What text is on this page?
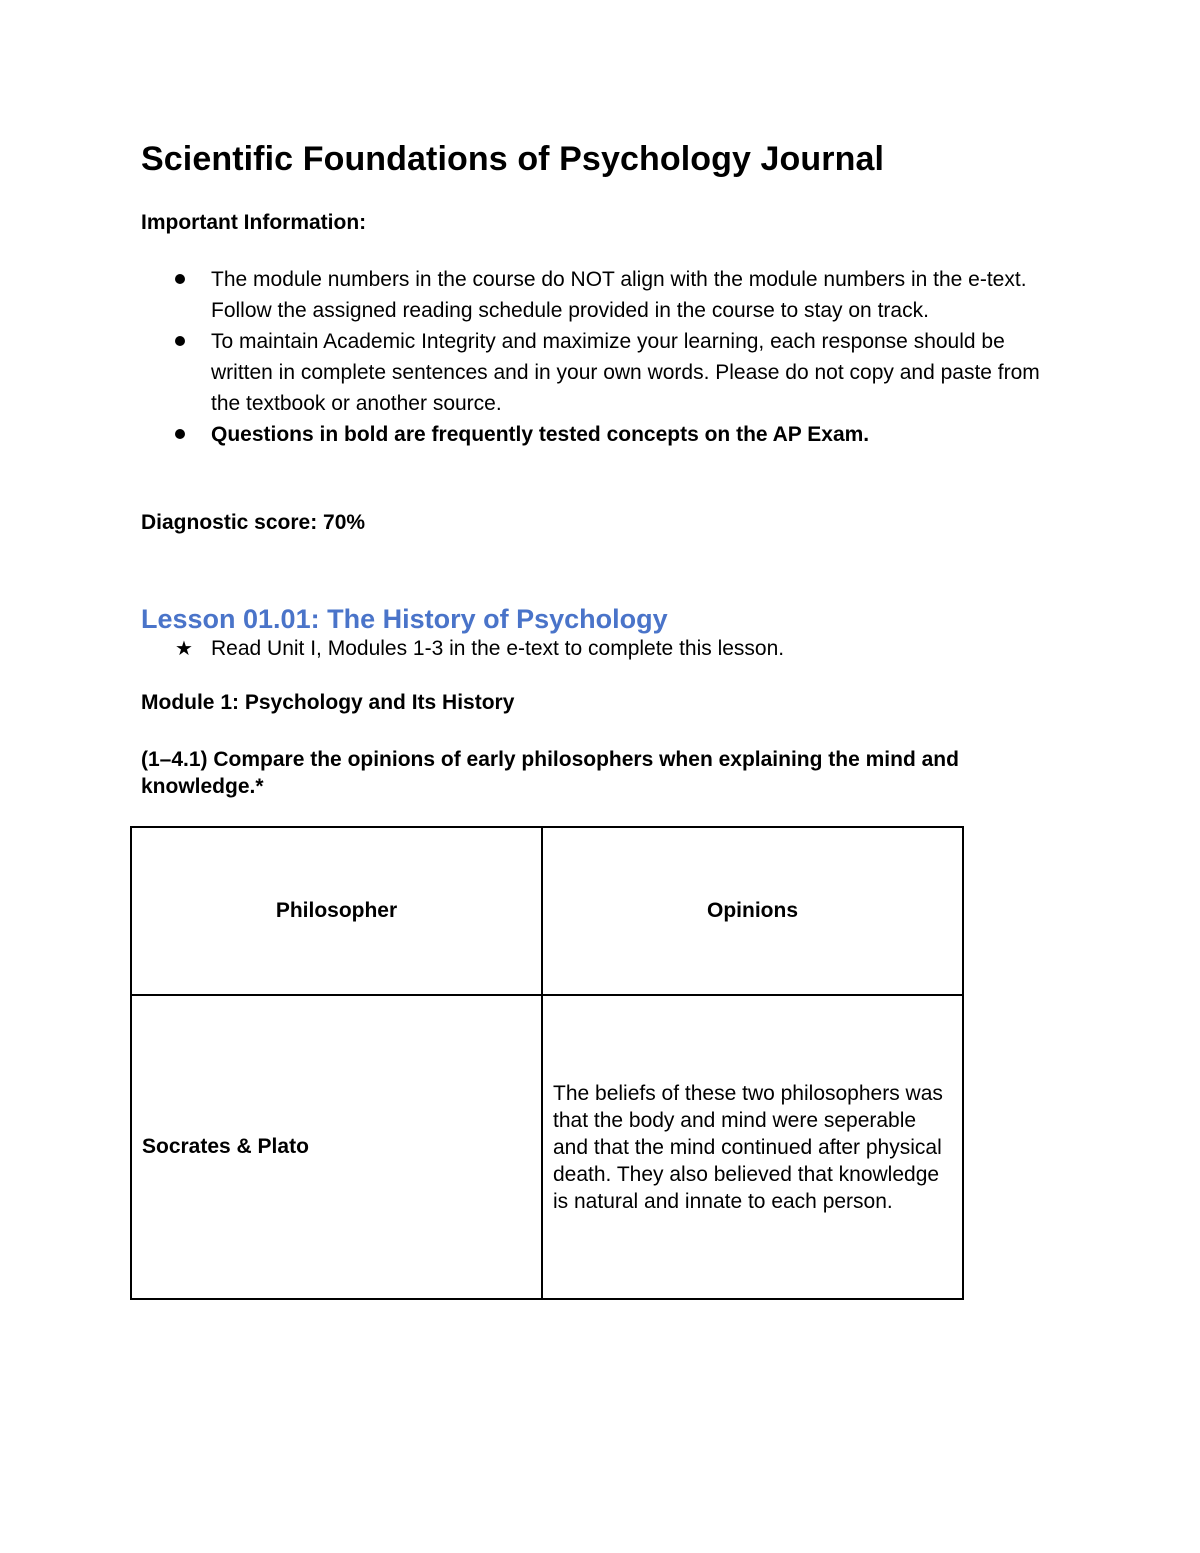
Scientific Foundations of Psychology Journal

Important Information:

The module numbers in the course do NOT align with the module numbers in the e-text. Follow the assigned reading schedule provided in the course to stay on track.
To maintain Academic Integrity and maximize your learning, each response should be written in complete sentences and in your own words. Please do not copy and paste from the textbook or another source.
Questions in bold are frequently tested concepts on the AP Exam.

Diagnostic score: 70%

Lesson 01.01: The History of Psychology
★ Read Unit I, Modules 1-3 in the e-text to complete this lesson.

Module 1: Psychology and Its History

(1–4.1) Compare the opinions of early philosophers when explaining the mind and knowledge.*

Philosopher	Opinions
Socrates & Plato	The beliefs of these two philosophers was that the body and mind were seperable and that the mind continued after physical death. They also believed that knowledge is natural and innate to each person.
